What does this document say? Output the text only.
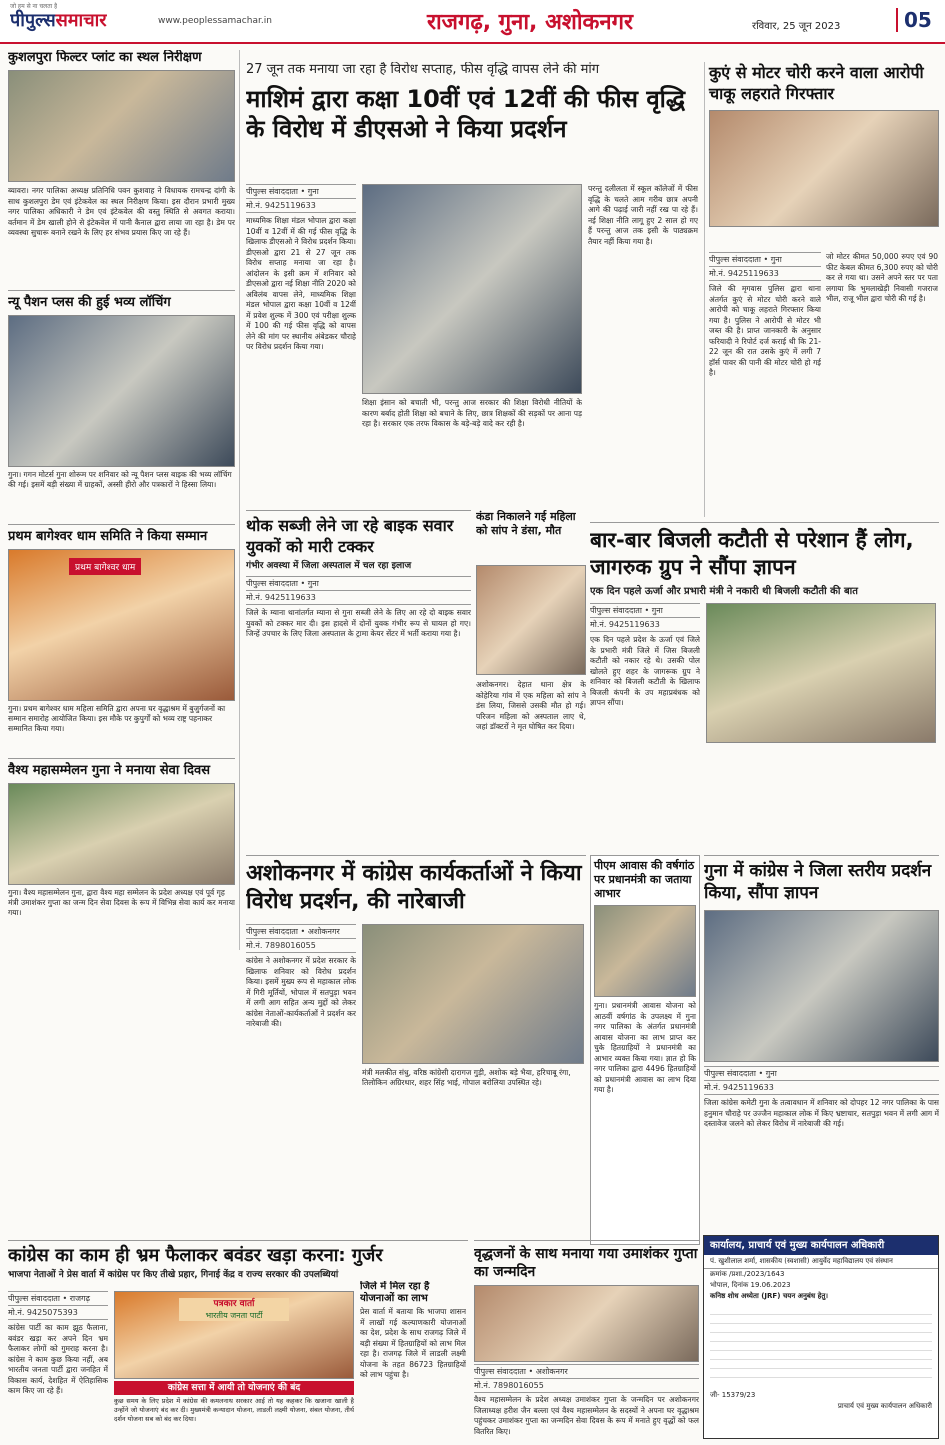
जो हम से ना चलता है
पीपुल्ससमाचार	www.peoplessamachar.in	राजगढ़, गुना, अशोकनगर	रविवार, 25 जून 2023	05
कुशलपुरा फिल्टर प्लांट का स्थल निरीक्षण
ब्यावरा। नगर पालिका अध्यक्ष प्रतिनिधि पवन कुशवाह ने विधायक रामचन्द्र दांगी के साथ कुशलपुरा डेम एवं इंटेकवेल का स्थल निरीक्षण किया। इस दौरान प्रभारी मुख्य नगर पालिका अधिकारी ने डेम एवं इंटेकवेल की वस्तु स्थिति से अवगत कराया। वर्तमान में डेम खाली होने से इंटेकवेल में पानी कैनाल द्वारा लाया जा रहा है। डेम पर व्यवस्था सुचारू बनाने रखने के लिए हर संभव प्रयास किए जा रहे हैं।
न्यू पैशन प्लस की हुई भव्य लॉचिंग
गुना। गगन मोटर्स गुना शोरूम पर शनिवार को न्यू पैशन प्लस बाइक की भव्य लॉचिंग की गई। इसमें बड़ी संख्या में ग्राहकों, अस्सी हीरो और पत्रकारों ने हिस्सा लिया।
प्रथम बागेश्वर धाम समिति ने किया सम्मान
प्रथम बागेश्वर धाम
गुना। प्रथम बागेश्वर धाम महिला समिति द्वारा अपना घर वृद्धाश्रम में बुजुर्गजनों का सम्मान समारोह आयोजित किया। इस मौके पर कुपुर्गों को भव्य राष्ट्र पहनाकर सम्मानित किया गया।
वैश्य महासम्मेलन गुना ने मनाया सेवा दिवस
गुना। वैश्य महासम्मेलन गुना, द्वारा वैश्य महा सम्मेलन के प्रदेश अध्यक्ष एवं पूर्व गृह मंत्री उमाशंकर गुप्ता का जन्म दिन सेवा दिवस के रूप में विभिन्न सेवा कार्य कर मनाया गया।
27 जून तक मनाया जा रहा है विरोध सप्ताह, फीस वृद्धि वापस लेने की मांग
माशिमं द्वारा कक्षा 10वीं एवं 12वीं की फीस वृद्धि के विरोध में डीएसओ ने किया प्रदर्शन
पीपुल्स संवाददाता • गुना
मो.नं. 9425119633
माध्यमिक शिक्षा मंडल भोपाल द्वारा कक्षा 10वीं व 12वीं में की गई फीस वृद्धि के खिलाफ डीएसओ ने विरोध प्रदर्शन किया। डीएसओ द्वारा 21 से 27 जून तक विरोध सप्ताह मनाया जा रहा है। आंदोलन के इसी क्रम में शनिवार को डीएसओ द्वारा नई शिक्षा नीति 2020 को अविलंब वापस लेने, माध्यमिक शिक्षा मंडल भोपाल द्वारा कक्षा 10वीं व 12वीं में प्रवेश शुल्क में 300 एवं परीक्षा शुल्क में 100 की गई फीस वृद्धि को वापस लेने की मांग पर स्थानीय अंबेडकर चौराहे पर विरोध प्रदर्शन किया गया।
शिक्षा इंसान को बचाती भी, परन्तु आज सरकार की शिक्षा विरोधी नीतियों के कारण बर्बाद होती शिक्षा को बचाने के लिए, छात्र शिक्षकों की सड़कों पर आना पड़ रहा है। सरकार एक तरफ विकास के बड़े-बड़े वादे कर रही है।
परन्तु दलीलता में स्कूल कॉलेजों में फीस वृद्धि के चलते आम गरीब छात्र अपनी आगे की पढ़ाई जारी नहीं रख पा रहे हैं। नई शिक्षा नीति लागू हुए 2 साल हो गए हैं परन्तु आज तक इसी के पाठ्यक्रम तैयार नहीं किया गया है।
कुएं से मोटर चोरी करने वाला आरोपी चाकू लहराते गिरफ्तार
पीपुल्स संवाददाता • गुना
मो.नं. 9425119633
जिले की मृगवास पुलिस द्वारा थाना अंतर्गत कुएं से मोटर चोरी करने वाले आरोपी को चाकू लहराते गिरफ्तार किया गया है। पुलिस ने आरोपी से मोटर भी जब्त की है। प्राप्त जानकारी के अनुसार फरियादी ने रिपोर्ट दर्ज कराई थी कि 21-22 जून की रात उसके कुएं में लगी 7 हॉर्स पावर की पानी की मोटर चोरी हो गई है।
जो मोटर कीमत 50,000 रुपए एवं 90 फीट केबल कीमत 6,300 रुपए को चोरी कर ले गया था। उसने अपने स्तर पर पता लगाया कि भुमलाखेड़ी निवासी गजराज भील, राजू भील द्वारा चोरी की गई है।
थोक सब्जी लेने जा रहे बाइक सवार युवकों को मारी टक्कर
गंभीर अवस्था में जिला अस्पताल में चल रहा इलाज
पीपुल्स संवाददाता • गुना
मो.नं. 9425119633
जिले के म्याना थानांतर्गत म्याना से गुना सब्जी लेने के लिए आ रहे दो बाइक सवार युवकों को टक्कर मार दी। इस हादसे में दोनों युवक गंभीर रूप से घायल हो गए। जिन्हें उपचार के लिए जिला अस्पताल के ट्रामा केयर सेंटर में भर्ती कराया गया है।
कंडा निकालने गई महिला को सांप ने डंसा, मौत
अशोकनगर। देहात थाना क्षेत्र के कोहेरिया गांव में एक महिला को सांप ने डंस लिया, जिससे उसकी मौत हो गई। परिजन महिला को अस्पताल लाए थे, जहां डॉक्टरों ने मृत घोषित कर दिया।
बार-बार बिजली कटौती से परेशान हैं लोग, जागरुक ग्रुप ने सौंपा ज्ञापन
एक दिन पहले ऊर्जा और प्रभारी मंत्री ने नकारी थी बिजली कटौती की बात
पीपुल्स संवाददाता • गुना
मो.नं. 9425119633
एक दिन पहले प्रदेश के ऊर्जा एवं जिले के प्रभारी मंत्री जिले में जिस बिजली कटौती को नकार रहे थे। उसकी पोल खोलते हुए शहर के जागरूक ग्रुप ने शनिवार को बिजली कटौती के खिलाफ बिजली कंपनी के उप महाप्रबंधक को ज्ञापन सौंपा।
अशोकनगर में कांग्रेस कार्यकर्ताओं ने किया विरोध प्रदर्शन, की नारेबाजी
पीपुल्स संवाददाता • अशोकनगर
मो.नं. 7898016055
कांग्रेस ने अशोकनगर में प्रदेश सरकार के खिलाफ शनिवार को विरोध प्रदर्शन किया। इसमें मुख्य रूप से महाकाल लोक में गिरी मूर्तियों, भोपाल में सतपुड़ा भवन में लगी आग सहित अन्य मुद्दों को लेकर कांग्रेस नेताओं-कार्यकर्ताओं ने प्रदर्शन कर नारेबाजी की।
मंत्री मलकीत संधु, वरिष्ठ कांग्रेसी दारागज गुड़ी, अशोक बड़े भैया, हरिचाबू रंगा, तिलोकिन अग्रिरथार, शहर सिंह भाई, गोपाल बरोलिया उपस्थित रहे।
पीएम आवास की वर्षगांठ पर प्रधानमंत्री का जताया आभार
गुना। प्रधानमंत्री आवास योजना को आठवीं वर्षगांठ के उपलक्ष्य में गुना नगर पालिका के अंतर्गत प्रधानमंत्री आवास योजना का लाभ प्राप्त कर चुके हितग्राहियों ने प्रधानमंत्री का आभार व्यक्त किया गया। ज्ञात हो कि नगर पालिका द्वारा 4496 हितग्राहियों को प्रधानमंत्री आवास का लाभ दिया गया है।
गुना में कांग्रेस ने जिला स्तरीय प्रदर्शन किया, सौंपा ज्ञापन
पीपुल्स संवाददाता • गुना
मो.नं. 9425119633
जिला कांग्रेस कमेटी गुना के तत्वावधान में शनिवार को दोपहर 12 नगर पालिका के पास हनुमान चौराहे पर उज्जैन महाकाल लोक में किए भ्रष्टाचार, सतपुड़ा भवन में लगी आग में दस्तावेज जलने को लेकर विरोध में नारेबाजी की गई।
कांग्रेस का काम ही भ्रम फैलाकर बवंडर खड़ा करना: गुर्जर
भाजपा नेताओं ने प्रेस वार्ता में कांग्रेस पर किए तीखे प्रहार, गिनाई केंद्र व राज्य सरकार की उपलब्धियां
पीपुल्स संवाददाता • राजगढ़
मो.नं. 9425075393
कांग्रेस पार्टी का काम झूठ फैलाना, बवंडर खड़ा कर अपने दिन भ्रम फैलाकर लोगों को गुमराह करना है। कांग्रेस ने काम कुछ किया नहीं, अब भारतीय जनता पार्टी द्वारा जनहित में विकास कार्य, देशहित में ऐतिहासिक काम किए जा रहे हैं।
पत्रकार वार्ता
भारतीय जनता पार्टी
कांग्रेस सत्ता में आयी तो योजनाएं की बंद
कुछ समय के लिए प्रदेश में कांग्रेस की कमलनाथ सरकार आई तो यह कहकर कि खजाना खाली है उन्होंने जो योजनाएं बंद कर दी। मुख्यमंत्री कन्यादान योजना, लाडली लक्ष्मी योजना, संबल योजना, तीर्थ दर्शन योजना सब को बंद कर दिया।
जिले में मिल रहा है योजनाओं का लाभ
प्रेस वार्ता में बताया कि भाजपा शासन में लाखों गई कल्याणकारी योजनाओं का देश, प्रदेश के साथ राजगढ़ जिले में बड़ी संख्या में हितग्राहियों को लाभ मिल रहा है। राजगढ़ जिले में लाडली लक्ष्मी योजना के तहत 86723 हितग्राहियों को लाभ पहुंचा है।
वृद्धजनों के साथ मनाया गया उमाशंकर गुप्ता का जन्मदिन
पीपुल्स संवाददाता • अशोकनगर
मो.नं. 7898016055
वैश्य महासम्मेलन के प्रदेश अध्यक्ष उमाशंकर गुप्ता के जन्मदिन पर अशोकनगर जिलाध्यक्ष हरीश जैन बल्ला एवं वैश्य महासम्मेलन के सदस्यों ने अपना घर वृद्धाश्रम पहुंचकर उमाशंकर गुप्ता का जन्मदिन सेवा दिवस के रूप में मनाते हुए वृद्धों को फल वितरित किए।
कार्यालय, प्राचार्य एवं मुख्य कार्यपालन अधिकारी
पं. खुशीलाल शर्मा, शासकीय (स्वशासी) आयुर्वेद महाविद्यालय एवं संस्थान
क्रमांक /प्रशा./2023/1643
भोपाल, दिनांक 19.06.2023
कनिष्ठ शोध अध्येता (JRF) चयन अनुबंध हेतु।
जी- 15379/23
प्राचार्य एवं मुख्य कार्यपालन अधिकारी
